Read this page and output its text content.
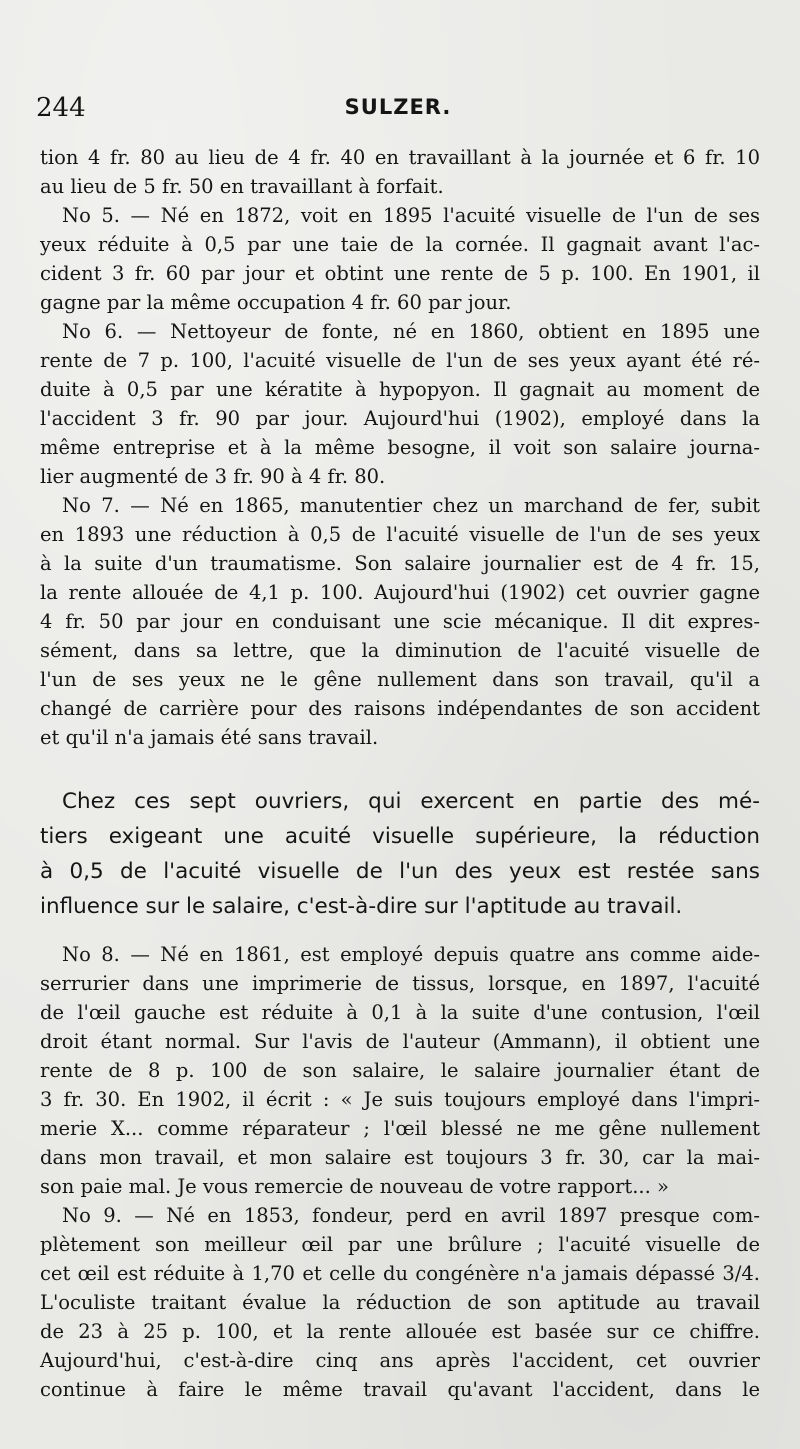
244	SULZER.
tion 4 fr. 80 au lieu de 4 fr. 40 en travaillant à la journée et 6 fr. 10
au lieu de 5 fr. 50 en travaillant à forfait.
No 5. — Né en 1872, voit en 1895 l'acuité visuelle de l'un de ses
yeux réduite à 0,5 par une taie de la cornée. Il gagnait avant l'ac-
cident 3 fr. 60 par jour et obtint une rente de 5 p. 100. En 1901, il
gagne par la même occupation 4 fr. 60 par jour.
No 6. — Nettoyeur de fonte, né en 1860, obtient en 1895 une
rente de 7 p. 100, l'acuité visuelle de l'un de ses yeux ayant été ré-
duite à 0,5 par une kératite à hypopyon. Il gagnait au moment de
l'accident 3 fr. 90 par jour. Aujourd'hui (1902), employé dans la
même entreprise et à la même besogne, il voit son salaire journa-
lier augmenté de 3 fr. 90 à 4 fr. 80.
No 7. — Né en 1865, manutentier chez un marchand de fer, subit
en 1893 une réduction à 0,5 de l'acuité visuelle de l'un de ses yeux
à la suite d'un traumatisme. Son salaire journalier est de 4 fr. 15,
la rente allouée de 4,1 p. 100. Aujourd'hui (1902) cet ouvrier gagne
4 fr. 50 par jour en conduisant une scie mécanique. Il dit expres-
sément, dans sa lettre, que la diminution de l'acuité visuelle de
l'un de ses yeux ne le gêne nullement dans son travail, qu'il a
changé de carrière pour des raisons indépendantes de son accident
et qu'il n'a jamais été sans travail.
Chez ces sept ouvriers, qui exercent en partie des mé-
tiers exigeant une acuité visuelle supérieure, la réduction
à 0,5 de l'acuité visuelle de l'un des yeux est restée sans
influence sur le salaire, c'est-à-dire sur l'aptitude au travail.
No 8. — Né en 1861, est employé depuis quatre ans comme aide-
serrurier dans une imprimerie de tissus, lorsque, en 1897, l'acuité
de l'œil gauche est réduite à 0,1 à la suite d'une contusion, l'œil
droit étant normal. Sur l'avis de l'auteur (Ammann), il obtient une
rente de 8 p. 100 de son salaire, le salaire journalier étant de
3 fr. 30. En 1902, il écrit : « Je suis toujours employé dans l'impri-
merie X... comme réparateur ; l'œil blessé ne me gêne nullement
dans mon travail, et mon salaire est toujours 3 fr. 30, car la mai-
son paie mal. Je vous remercie de nouveau de votre rapport... »
No 9. — Né en 1853, fondeur, perd en avril 1897 presque com-
plètement son meilleur œil par une brûlure ; l'acuité visuelle de
cet œil est réduite à 1,70 et celle du congénère n'a jamais dépassé 3/4.
L'oculiste traitant évalue la réduction de son aptitude au travail
de 23 à 25 p. 100, et la rente allouée est basée sur ce chiffre.
Aujourd'hui, c'est-à-dire cinq ans après l'accident, cet ouvrier
continue à faire le même travail qu'avant l'accident, dans le
